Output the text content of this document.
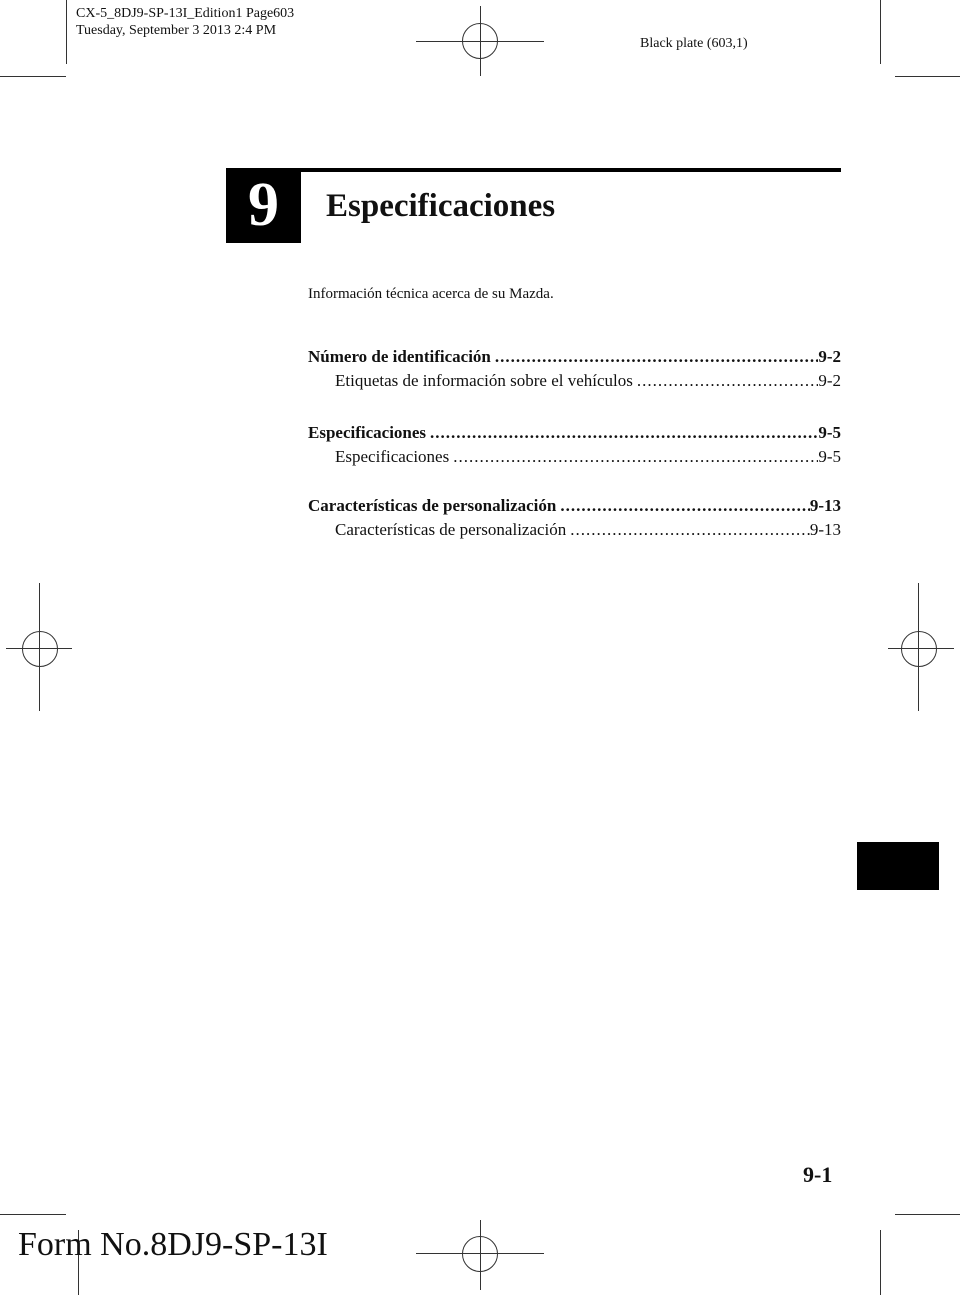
CX-5_8DJ9-SP-13I_Edition1 Page603
Tuesday, September 3 2013 2:4 PM
Black plate (603,1)
9	Especificaciones
Información técnica acerca de su Mazda.
Número de identificación .....	9-2
Etiquetas de información sobre el vehículos .....	9-2
Especificaciones .....	9-5
Especificaciones .....	9-5
Características de personalización .....	9-13
Características de personalización .....	9-13
9-1
Form No.8DJ9-SP-13I
